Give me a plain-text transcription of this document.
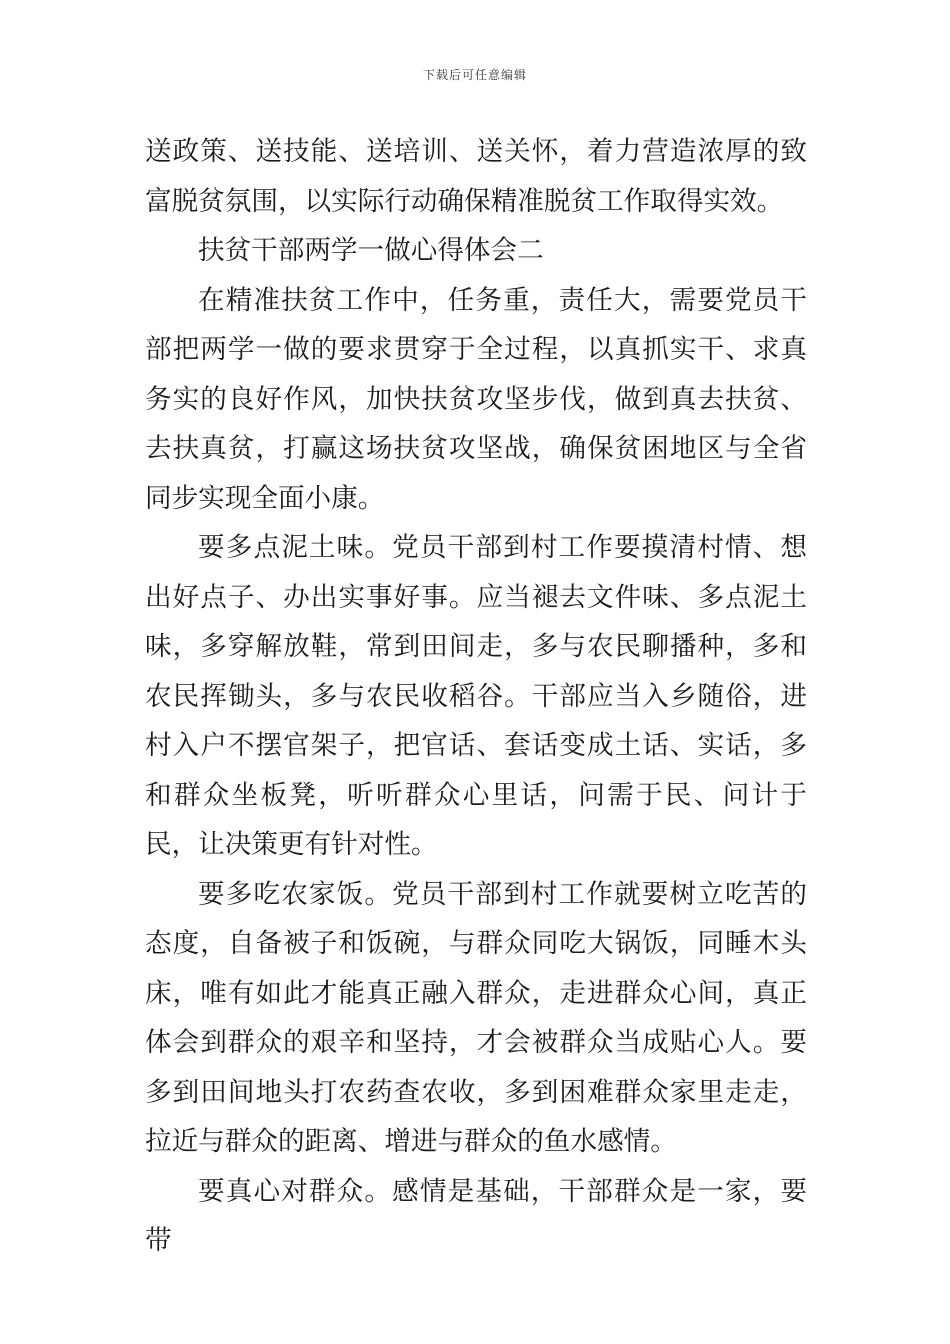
下载后可任意编辑

送政策、送技能、送培训、送关怀，着力营造浓厚的致富脱贫氛围，以实际行动确保精准脱贫工作取得实效。

扶贫干部两学一做心得体会二

在精准扶贫工作中，任务重，责任大，需要党员干部把两学一做的要求贯穿于全过程，以真抓实干、求真务实的良好作风，加快扶贫攻坚步伐，做到真去扶贫、去扶真贫，打赢这场扶贫攻坚战，确保贫困地区与全省同步实现全面小康。

要多点泥土味。党员干部到村工作要摸清村情、想出好点子、办出实事好事。应当褪去文件味、多点泥土味，多穿解放鞋，常到田间走，多与农民聊播种，多和农民挥锄头，多与农民收稻谷。干部应当入乡随俗，进村入户不摆官架子，把官话、套话变成土话、实话，多和群众坐板凳，听听群众心里话，问需于民、问计于民，让决策更有针对性。

要多吃农家饭。党员干部到村工作就要树立吃苦的态度，自备被子和饭碗，与群众同吃大锅饭，同睡木头床，唯有如此才能真正融入群众，走进群众心间，真正体会到群众的艰辛和坚持，才会被群众当成贴心人。要多到田间地头打农药查农收，多到困难群众家里走走，拉近与群众的距离、增进与群众的鱼水感情。

要真心对群众。感情是基础，干部群众是一家，要带
